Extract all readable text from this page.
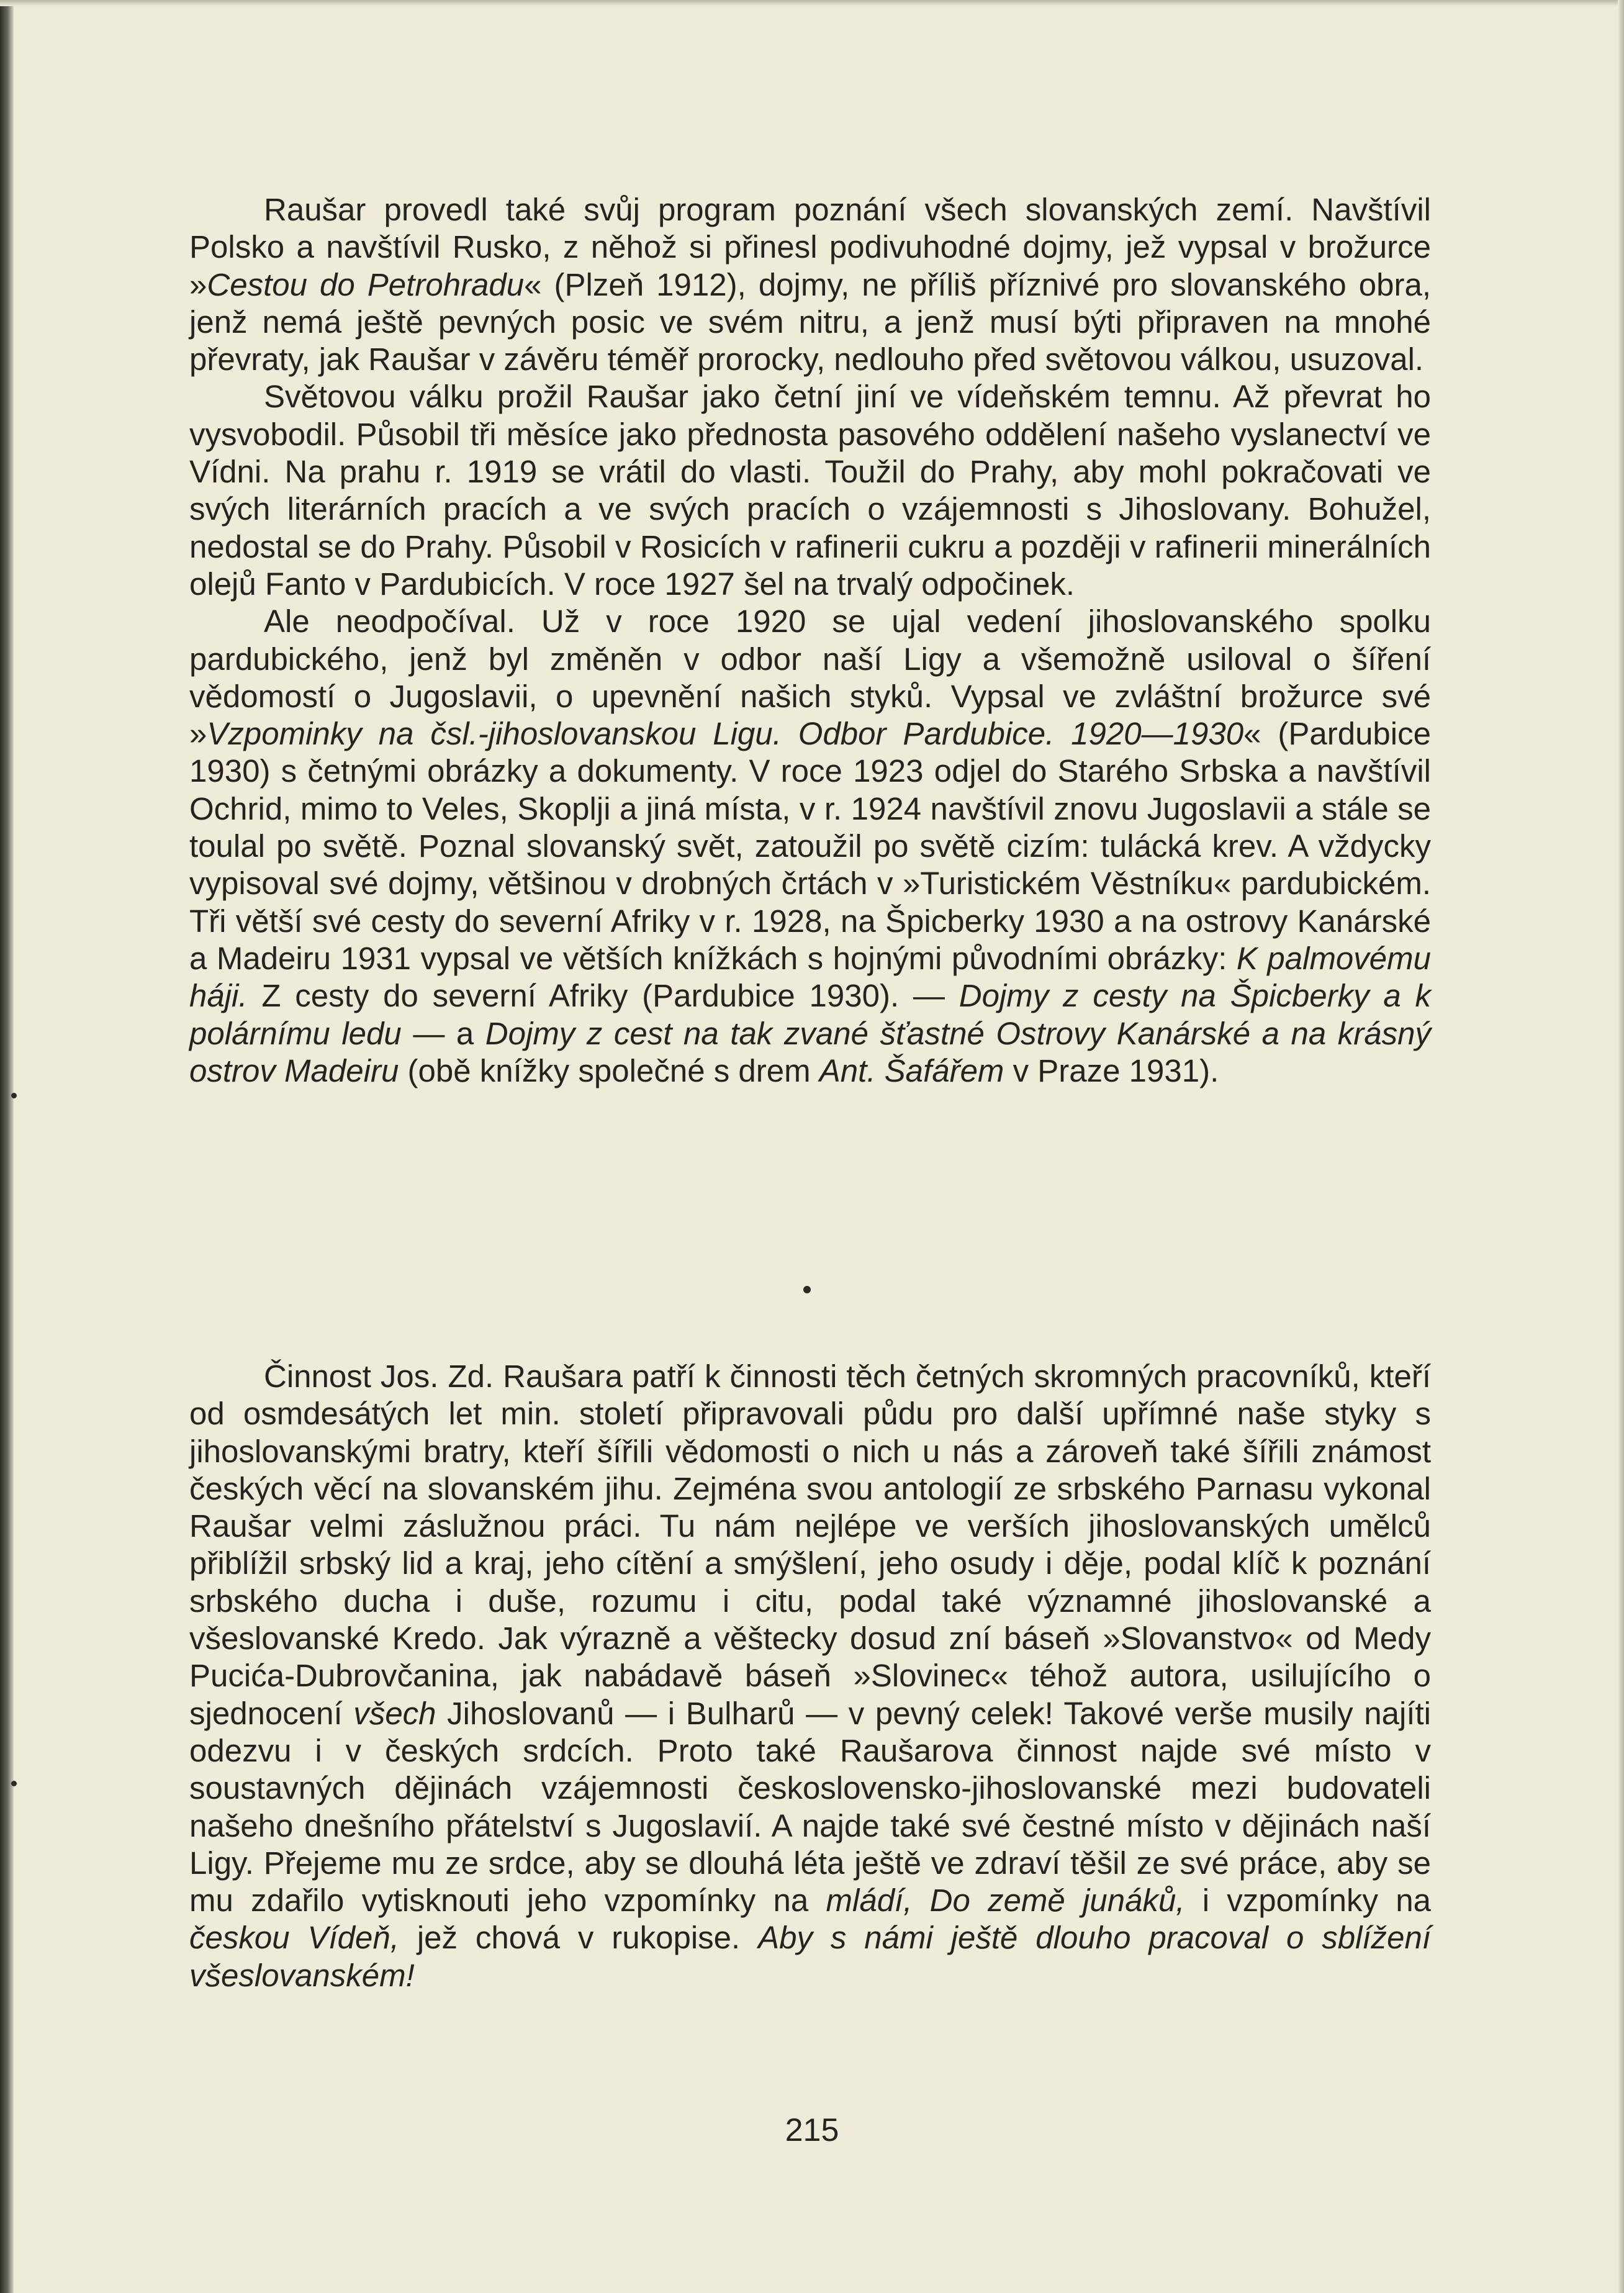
Raušar provedl také svůj program poznání všech slovanských zemí. Navštívil Polsko a navštívil Rusko, z něhož si přinesl podivuhodné dojmy, jež vypsal v brožurce »Cestou do Petrohradu« (Plzeň 1912), dojmy, ne příliš příznivé pro slovanského obra, jenž nemá ještě pevných posic ve svém nitru, a jenž musí býti připraven na mnohé převraty, jak Raušar v závěru téměř prorocky, nedlouho před světovou válkou, usuzoval.

Světovou válku prožil Raušar jako četní jiní ve vídeňském temnu. Až převrat ho vysvobodil. Působil tři měsíce jako přednosta pasového oddělení našeho vyslanectví ve Vídni. Na prahu r. 1919 se vrátil do vlasti. Toužil do Prahy, aby mohl pokračovati ve svých literárních pracích a ve svých pracích o vzájemnosti s Jihoslovany. Bohužel, nedostal se do Prahy. Působil v Rosicích v rafinerii cukru a později v rafinerii minerálních olejů Fanto v Pardubicích. V roce 1927 šel na trvalý odpočinek.

Ale neodpočíval. Už v roce 1920 se ujal vedení jihoslovanského spolku pardubického, jenž byl změněn v odbor naší Ligy a všemožně usiloval o šíření vědomostí o Jugoslavii, o upevnění našich styků. Vypsal ve zvláštní brožurce své »Vzpominky na čsl.-jihoslovanskou Ligu. Odbor Pardubice. 1920—1930« (Pardubice 1930) s četnými obrázky a dokumenty. V roce 1923 odjel do Starého Srbska a navštívil Ochrid, mimo to Veles, Skoplji a jiná místa, v r. 1924 navštívil znovu Jugoslavii a stále se toulal po světě. Poznal slovanský svět, zatoužil po světě cizím: tulácká krev. A vždycky vypisoval své dojmy, většinou v drobných črtách v »Turistickém Věstníku« pardubickém. Tři větší své cesty do severní Afriky v r. 1928, na Špicberky 1930 a na ostrovy Kanárské a Madeiru 1931 vypsal ve větších knížkách s hojnými původními obrázky: K palmovému háji. Z cesty do severní Afriky (Pardubice 1930). — Dojmy z cesty na Špicberky a k polárnímu ledu — a Dojmy z cest na tak zvané šťastné Ostrovy Kanárské a na krásný ostrov Madeiru (obě knížky společné s drem Ant. Šafářem v Praze 1931).

Činnost Jos. Zd. Raušara patří k činnosti těch četných skromných pracovníků, kteří od osmdesátých let min. století připravovali půdu pro další upřímné naše styky s jihoslovanskými bratry, kteří šířili vědomosti o nich u nás a zároveň také šířili známost českých věcí na slovanském jihu. Zejména svou antologií ze srbského Parnasu vykonal Raušar velmi záslužnou práci. Tu nám nejlépe ve verších jihoslovanských umělců přiblížil srbský lid a kraj, jeho cítění a smýšlení, jeho osudy i děje, podal klíč k poznání srbského ducha i duše, rozumu i citu, podal také významné jihoslovanské a všeslovanské Kredo. Jak výrazně a věštecky dosud zní báseň »Slovanstvo« od Medy Pucića-Dubrovčanina, jak nabádavě báseň »Slovinec« téhož autora, usilujícího o sjednocení všech Jihoslovanů — i Bulharů — v pevný celek! Takové verše musily najíti odezvu i v českých srdcích. Proto také Raušarova činnost najde své místo v soustavných dějinách vzájemnosti československo-jihoslovanské mezi budovateli našeho dnešního přátelství s Jugoslavií. A najde také své čestné místo v dějinách naší Ligy. Přejeme mu ze srdce, aby se dlouhá léta ještě ve zdraví těšil ze své práce, aby se mu zdařilo vytisknouti jeho vzpomínky na mládí, Do země junáků, i vzpomínky na českou Vídeň, jež chová v rukopise. Aby s námi ještě dlouho pracoval o sblížení všeslovanském!

215
